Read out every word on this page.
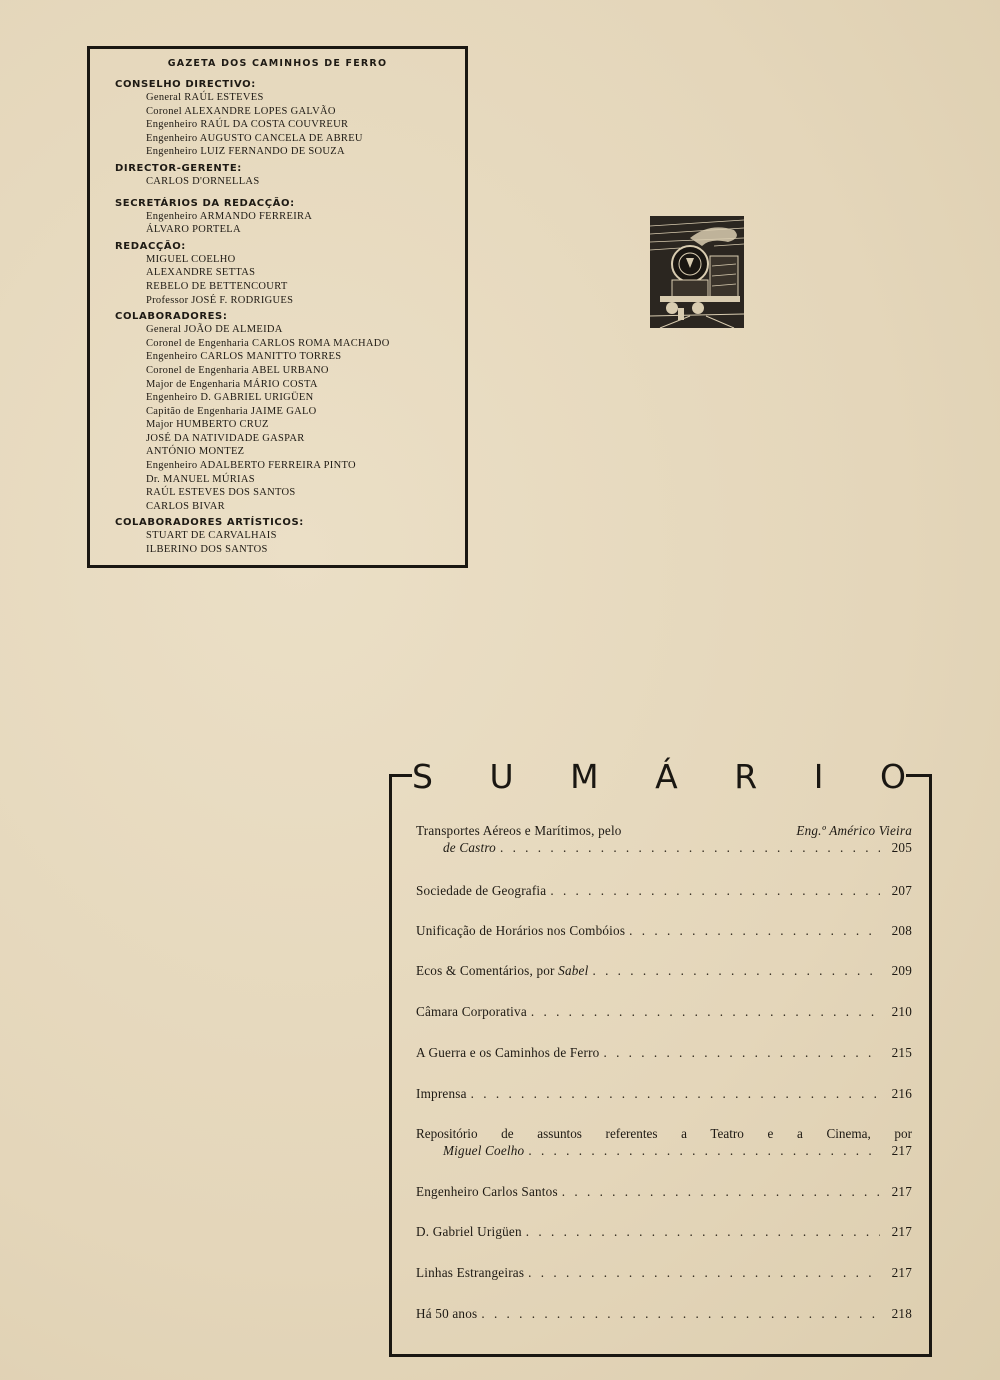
GAZETA DOS CAMINHOS DE FERRO
CONSELHO DIRECTIVO:
General RAÚL ESTEVES
Coronel ALEXANDRE LOPES GALVÃO
Engenheiro RAÚL DA COSTA COUVREUR
Engenheiro AUGUSTO CANCELA DE ABREU
Engenheiro LUIZ FERNANDO DE SOUZA
DIRECTOR-GERENTE:
CARLOS D'ORNELLAS
SECRETÁRIOS DA REDACÇÃO:
Engenheiro ARMANDO FERREIRA
ÁLVARO PORTELA
REDACÇÃO:
MIGUEL COELHO
ALEXANDRE SETTAS
REBELO DE BETTENCOURT
Professor JOSÉ F. RODRIGUES
COLABORADORES:
General JOÃO DE ALMEIDA
Coronel de Engenharia CARLOS ROMA MACHADO
Engenheiro CARLOS MANITTO TORRES
Coronel de Engenharia ABEL URBANO
Major de Engenharia MÁRIO COSTA
Engenheiro D. GABRIEL URIGÜEN
Capitão de Engenharia JAIME GALO
Major HUMBERTO CRUZ
JOSÉ DA NATIVIDADE GASPAR
ANTÓNIO MONTEZ
Engenheiro ADALBERTO FERREIRA PINTO
Dr. MANUEL MÚRIAS
RAÚL ESTEVES DOS SANTOS
CARLOS BIVAR
COLABORADORES ARTÍSTICOS:
STUART DE CARVALHAIS
ILBERINO DOS SANTOS
S U M Á R I O
Transportes Aéreos e Marítimos, pelo	Eng.º Américo Vieira
de Castro . . .	205
Sociedade de Geografia . . .	207
Unificação de Horários nos Combóios . . .	208
Ecos & Comentários, por Sabel . . .	209
Câmara Corporativa . . .	210
A Guerra e os Caminhos de Ferro . . .	215
Imprensa . . .	216
Repositório de assuntos referentes a Teatro e a Cinema, por
Miguel Coelho . . .	217
Engenheiro Carlos Santos . . .	217
D. Gabriel Urigüen . . .	217
Linhas Estrangeiras . . .	217
Há 50 anos . . .	218
